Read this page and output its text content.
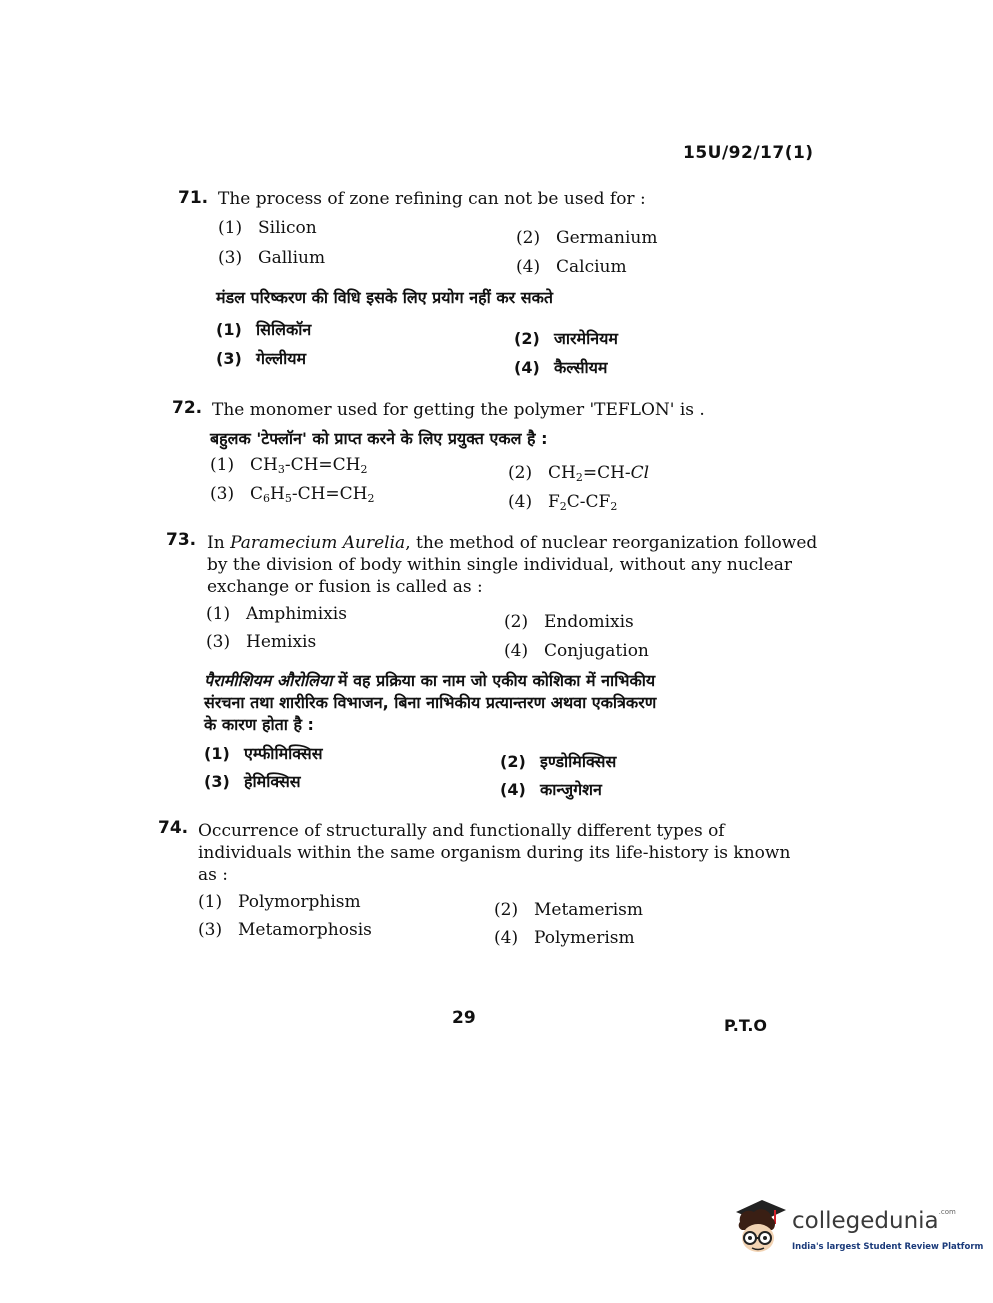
15U/92/17(1)
71. The process of zone refining can not be used for :
(1) Silicon	(2) Germanium
(3) Gallium	(4) Calcium
मंडल परिष्करण की विधि इसके लिए प्रयोग नहीं कर सकते
(1) सिलिकॉन	(2) जारमेनियम
(3) गेल्लीयम	(4) कैल्सीयम
72. The monomer used for getting the polymer 'TEFLON' is .
बहुलक 'टेफ्लॉन' को प्राप्त करने के लिए प्रयुक्त एकल है :
(1) $CH_3-CH=CH_2$	(2) $CH_2=CH-Cl$
(3) $C_6H_5-CH=CH_2$	(4) $F_2C-CF_2$
73. In Paramecium Aurelia, the method of nuclear reorganization followed
by the division of body within single individual, without any nuclear
exchange or fusion is called as :
(1) Amphimixis	(2) Endomixis
(3) Hemixis	(4) Conjugation
पैरामीशियम औरोलिया में वह प्रक्रिया का नाम जो एकीय कोशिका में नाभिकीय
संरचना तथा शारीरिक विभाजन, बिना नाभिकीय प्रत्यान्तरण अथवा एकत्रिकरण
के कारण होता है :
(1) एम्फीमिक्सिस	(2) इण्डोमिक्सिस
(3) हेमिक्सिस	(4) कान्जुगेशन
74. Occurrence of structurally and functionally different types of
individuals within the same organism during its life-history is known
as :
(1) Polymorphism	(2) Metamerism
(3) Metamorphosis	(4) Polymerism
29	P.T.O
collegedunia$^{.com}$
India's largest Student Review Platform
